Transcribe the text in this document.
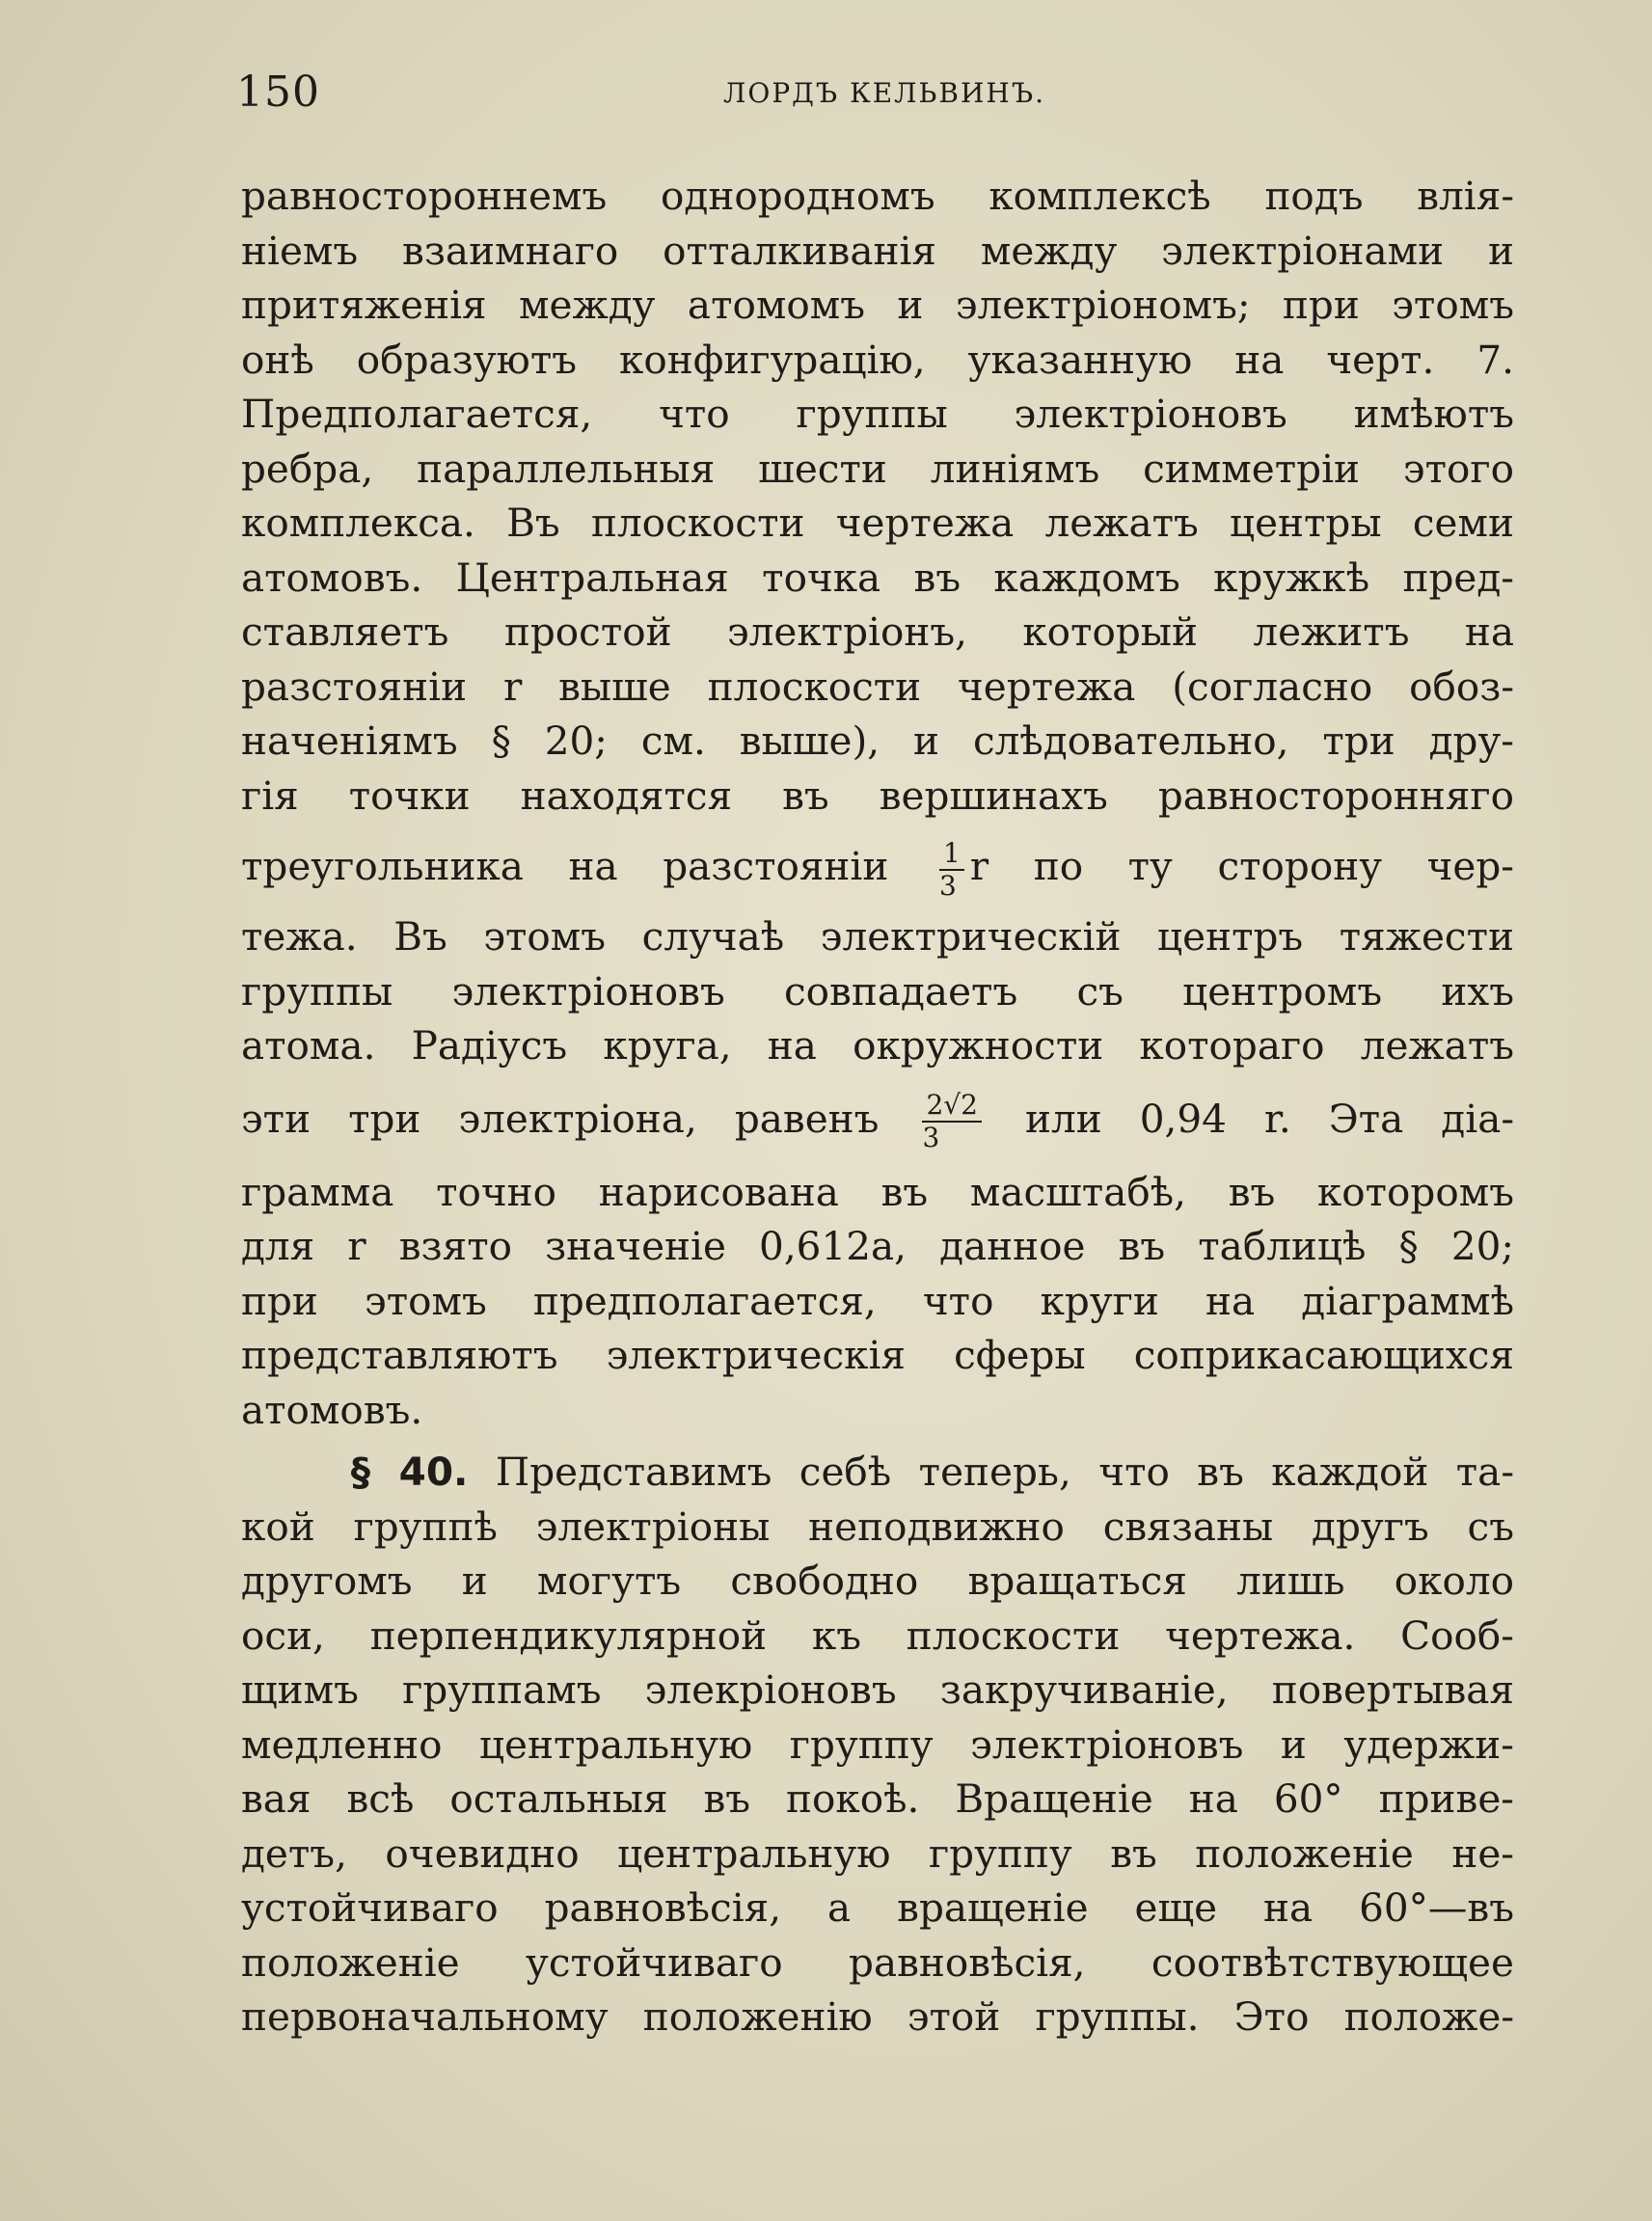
150	ЛОРДЪ КЕЛЬВИНЪ.
равностороннемъ однородномъ комплексѣ подъ влія-
ніемъ взаимнаго отталкиванія между электріонами и
притяженія между атомомъ и электріономъ; при этомъ
онѣ образуютъ конфигурацію, указанную на черт. 7.
Предполагается, что группы электріоновъ имѣютъ
ребра, параллельныя шести линіямъ симметріи этого
комплекса. Въ плоскости чертежа лежатъ центры семи
атомовъ. Центральная точка въ каждомъ кружкѣ пред-
ставляетъ простой электріонъ, который лежитъ на
разстояніи r выше плоскости чертежа (согласно обоз-
наченіямъ § 20; см. выше), и слѣдовательно, три дру-
гія точки находятся въ вершинахъ равносторонняго
треугольника на разстояніи $\frac{1}{3}$ r по ту сторону чер-
тежа. Въ этомъ случаѣ электрическій центръ тяжести
группы электріоновъ совпадаетъ съ центромъ ихъ
атома. Радіусъ круга, на окружности котораго лежатъ
эти три электріона, равенъ $\frac{2√2}{3}$ или 0,94 r. Эта діа-
грамма точно нарисована въ масштабѣ, въ которомъ
для r взято значеніе 0,612a, данное въ таблицѣ § 20;
при этомъ предполагается, что круги на діаграммѣ
представляютъ электрическія сферы соприкасающихся
атомовъ.
§ 40. Представимъ себѣ теперь, что въ каждой та-
кой группѣ электріоны неподвижно связаны другъ съ
другомъ и могутъ свободно вращаться лишь около
оси, перпендикулярной къ плоскости чертежа. Сооб-
щимъ группамъ элекріоновъ закручиваніе, повертывая
медленно центральную группу электріоновъ и удержи-
вая всѣ остальныя въ покоѣ. Вращеніе на 60° приве-
детъ, очевидно центральную группу въ положеніе не-
устойчиваго равновѣсія, а вращеніе еще на 60°—въ
положеніе устойчиваго равновѣсія, соотвѣтствующее
первоначальному положенію этой группы. Это положе-
